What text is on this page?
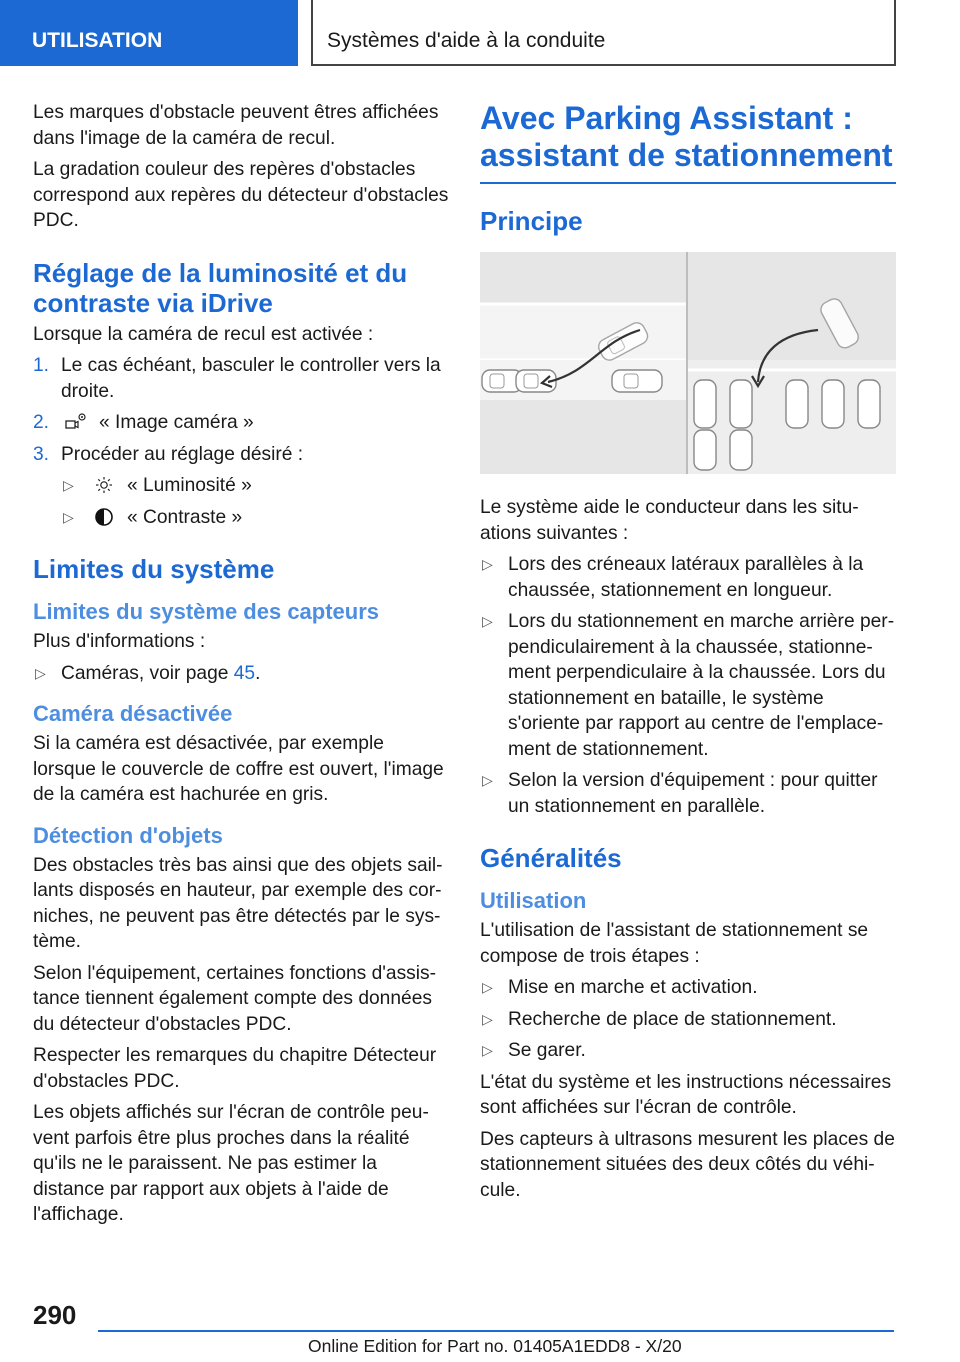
UTILISATION	Systèmes d'aide à la conduite

Les marques d'obstacle peuvent êtres affichées dans l'image de la caméra de recul.

La gradation couleur des repères d'obstacles correspond aux repères du détecteur d'obstacles PDC.

Réglage de la luminosité et du contraste via iDrive

Lorsque la caméra de recul est activée :

1. Le cas échéant, basculer le controller vers la droite.
2.	« Image caméra »
3. Procéder au réglage désiré :
▷	« Luminosité »
▷	« Contraste »
Limites du système
Limites du système des capteurs

Plus d'informations :

▷ Caméras, voir page 45.
Caméra désactivée

Si la caméra est désactivée, par exemple lorsque le couvercle de coffre est ouvert, l'image de la caméra est hachurée en gris.

Détection d'objets

Des obstacles très bas ainsi que des objets saillants disposés en hauteur, par exemple des corniches, ne peuvent pas être détectés par le système.

Selon l'équipement, certaines fonctions d'assistance tiennent également compte des données du détecteur d'obstacles PDC.

Respecter les remarques du chapitre Détecteur d'obstacles PDC.

Les objets affichés sur l'écran de contrôle peuvent parfois être plus proches dans la réalité qu'ils ne le paraissent. Ne pas estimer la distance par rapport aux objets à l'aide de l'affichage.

Avec Parking Assistant : assistant de stationnement
Principe

Le système aide le conducteur dans les situations suivantes :

▷ Lors des créneaux latéraux parallèles à la chaussée, stationnement en longueur.
▷ Lors du stationnement en marche arrière perpendiculairement à la chaussée, stationnement perpendiculaire à la chaussée. Lors du stationnement en bataille, le système s'oriente par rapport au centre de l'emplacement de stationnement.
▷ Selon la version d'équipement : pour quitter un stationnement en parallèle.
Généralités
Utilisation

L'utilisation de l'assistant de stationnement se compose de trois étapes :

▷ Mise en marche et activation.
▷ Recherche de place de stationnement.
▷ Se garer.

L'état du système et les instructions nécessaires sont affichées sur l'écran de contrôle.

Des capteurs à ultrasons mesurent les places de stationnement situées des deux côtés du véhicule.

290
Online Edition for Part no. 01405A1EDD8 - X/20
